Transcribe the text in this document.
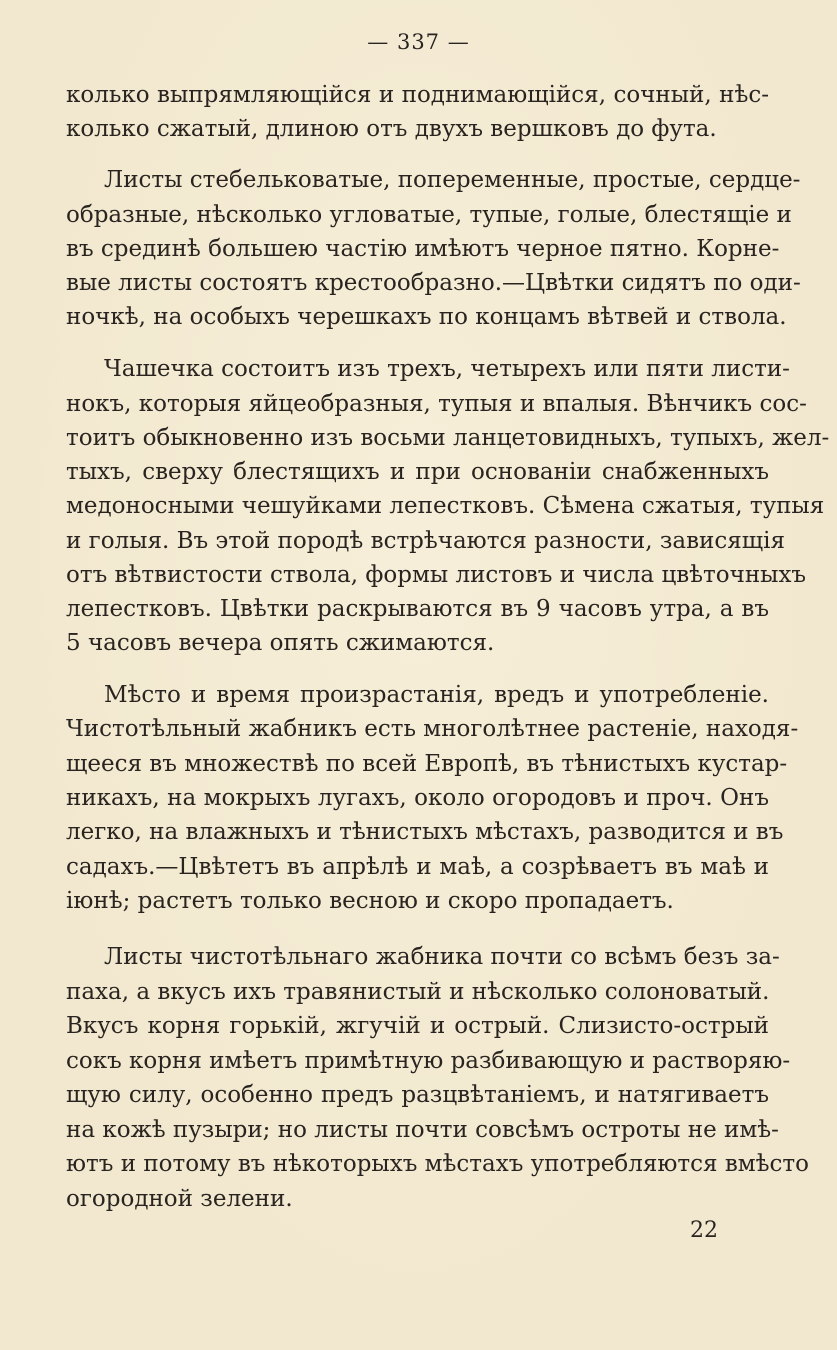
— 337 —
колько выпрямляющійся и поднимающійся, сочный, нѣс-
колько сжатый, длиною отъ двухъ вершковъ до фута.
Листы стебельковатые, попеременные, простые, сердце-
образные, нѣсколько угловатые, тупые, голые, блестящіе и
въ срединѣ большею частію имѣютъ черное пятно. Корне-
вые листы состоятъ крестообразно.—Цвѣтки сидятъ по оди-
ночкѣ, на особыхъ черешкахъ по концамъ вѣтвей и ствола.
Чашечка состоитъ изъ трехъ, четырехъ или пяти листи-
нокъ, которыя яйцеобразныя, тупыя и впалыя. Вѣнчикъ сос-
тоитъ обыкновенно изъ восьми ланцетовидныхъ, тупыхъ, жел-
тыхъ, сверху блестящихъ и при основаніи снабженныхъ
медоносными чешуйками лепестковъ. Сѣмена сжатыя, тупыя
и голыя. Въ этой породѣ встрѣчаются разности, зависящія
отъ вѣтвистости ствола, формы листовъ и числа цвѣточныхъ
лепестковъ. Цвѣтки раскрываются въ 9 часовъ утра, а въ
5 часовъ вечера опять сжимаются.
Мѣсто и время произрастанія, вредъ и употребленіе.
Чистотѣльный жабникъ есть многолѣтнее растеніе, находя-
щееся въ множествѣ по всей Европѣ, въ тѣнистыхъ кустар-
никахъ, на мокрыхъ лугахъ, около огородовъ и проч. Онъ
легко, на влажныхъ и тѣнистыхъ мѣстахъ, разводится и въ
садахъ.—Цвѣтетъ въ апрѣлѣ и маѣ, а созрѣваетъ въ маѣ и
іюнѣ; растетъ только весною и скоро пропадаетъ.
Листы чистотѣльнаго жабника почти со всѣмъ безъ за-
паха, а вкусъ ихъ травянистый и нѣсколько солоноватый.
Вкусъ корня горькій, жгучій и острый. Слизисто-острый
сокъ корня имѣетъ примѣтную разбивающую и растворяю-
щую силу, особенно предъ разцвѣтаніемъ, и натягиваетъ
на кожѣ пузыри; но листы почти совсѣмъ остроты не имѣ-
ютъ и потому въ нѣкоторыхъ мѣстахъ употребляются вмѣсто
огородной зелени.
22
